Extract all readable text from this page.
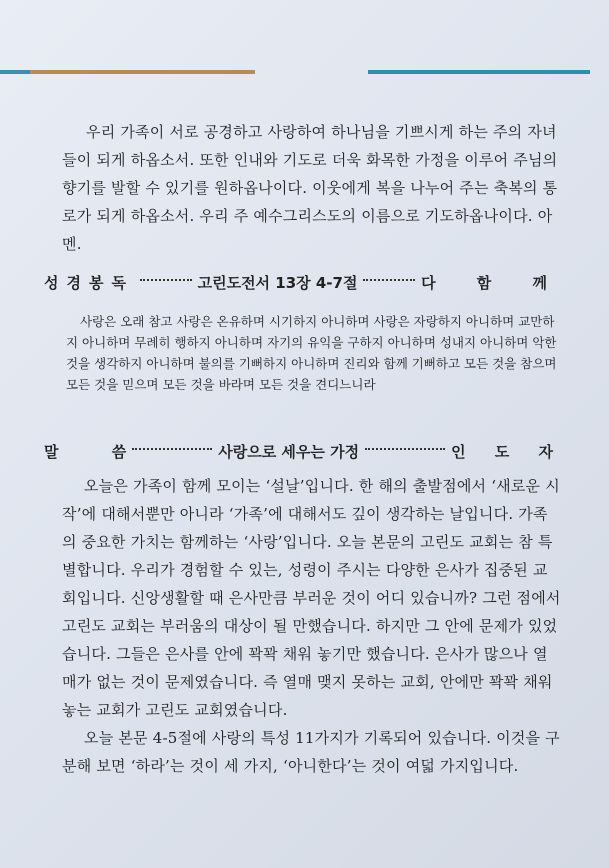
우리 가족이 서로 공경하고 사랑하여 하나님을 기쁘시게 하는 주의 자녀들이 되게 하옵소서. 또한 인내와 기도로 더욱 화목한 가정을 이루어 주님의 향기를 발할 수 있기를 원하옵나이다. 이웃에게 복을 나누어 주는 축복의 통로가 되게 하옵소서. 우리 주 예수그리스도의 이름으로 기도하옵나이다. 아멘.
성경봉독	고린도전서 13장 4-7절	다 함 께
사랑은 오래 참고 사랑은 온유하며 시기하지 아니하며 사랑은 자랑하지 아니하며 교만하지 아니하며 무례히 행하지 아니하며 자기의 유익을 구하지 아니하며 성내지 아니하며 악한 것을 생각하지 아니하며 불의를 기뻐하지 아니하며 진리와 함께 기뻐하고 모든 것을 참으며 모든 것을 믿으며 모든 것을 바라며 모든 것을 견디느니라
말 씀	사랑으로 세우는 가정	인 도 자

오늘은 가족이 함께 모이는 ‘설날’입니다. 한 해의 출발점에서 ‘새로운 시작’에 대해서뿐만 아니라 ‘가족’에 대해서도 깊이 생각하는 날입니다. 가족의 중요한 가치는 함께하는 ‘사랑’입니다. 오늘 본문의 고린도 교회는 참 특별합니다. 우리가 경험할 수 있는, 성령이 주시는 다양한 은사가 집중된 교회입니다. 신앙생활할 때 은사만큼 부러운 것이 어디 있습니까? 그런 점에서 고린도 교회는 부러움의 대상이 될 만했습니다. 하지만 그 안에 문제가 있었습니다. 그들은 은사를 안에 꽉꽉 채워 놓기만 했습니다. 은사가 많으나 열매가 없는 것이 문제였습니다. 즉 열매 맺지 못하는 교회, 안에만 꽉꽉 채워 놓는 교회가 고린도 교회였습니다.

오늘 본문 4-5절에 사랑의 특성 11가지가 기록되어 있습니다. 이것을 구분해 보면 ‘하라’는 것이 세 가지, ‘아니한다’는 것이 여덟 가지입니다.
